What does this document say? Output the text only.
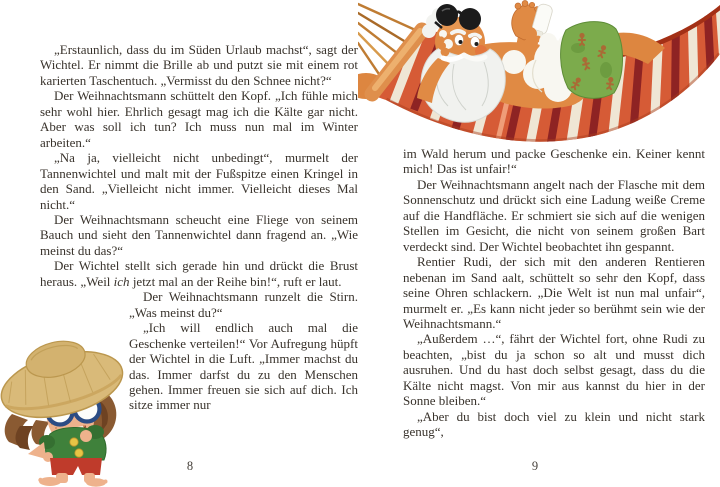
„Erstaunlich, dass du im Süden Urlaub machst“, sagt der Wichtel. Er nimmt die Brille ab und putzt sie mit einem rot karierten Taschentuch. „Vermisst du den Schnee nicht?“

Der Weihnachtsmann schüttelt den Kopf. „Ich fühle mich sehr wohl hier. Ehrlich gesagt mag ich die Kälte gar nicht. Aber was soll ich tun? Ich muss nun mal im Winter arbeiten.“

„Na ja, vielleicht nicht unbedingt“, murmelt der Tannenwichtel und malt mit der Fußspitze einen Kringel in den Sand. „Vielleicht nicht immer. Vielleicht dieses Mal nicht.“

Der Weihnachtsmann scheucht eine Fliege von seinem Bauch und sieht den Tannenwichtel dann fragend an. „Wie meinst du das?“

Der Wichtel stellt sich gerade hin und drückt die Brust heraus. „Weil ich jetzt mal an der Reihe bin!“, ruft er laut.

Der Weihnachtsmann runzelt die Stirn. „Was meinst du?“

„Ich will endlich auch mal die Geschenke verteilen!“ Vor Aufregung hüpft der Wichtel in die Luft. „Immer machst du das. Immer darfst du zu den Menschen gehen. Immer freuen sie sich auf dich. Ich sitze immer nur

im Wald herum und packe Geschenke ein. Keiner kennt mich! Das ist unfair!“

Der Weihnachtsmann angelt nach der Flasche mit dem Sonnenschutz und drückt sich eine Ladung weiße Creme auf die Handfläche. Er schmiert sie sich auf die wenigen Stellen im Gesicht, die nicht von seinem großen Bart verdeckt sind. Der Wichtel beobachtet ihn gespannt.

Rentier Rudi, der sich mit den anderen Rentieren nebenan im Sand aalt, schüttelt so sehr den Kopf, dass seine Ohren schlackern. „Die Welt ist nun mal unfair“, murmelt er. „Es kann nicht jeder so berühmt sein wie der Weihnachtsmann.“

„Außerdem …“, fährt der Wichtel fort, ohne Rudi zu beachten, „bist du ja schon so alt und musst dich ausruhen. Und du hast doch selbst gesagt, dass du die Kälte nicht magst. Von mir aus kannst du hier in der Sonne bleiben.“

„Aber du bist doch viel zu klein und nicht stark genug“,

8	9
